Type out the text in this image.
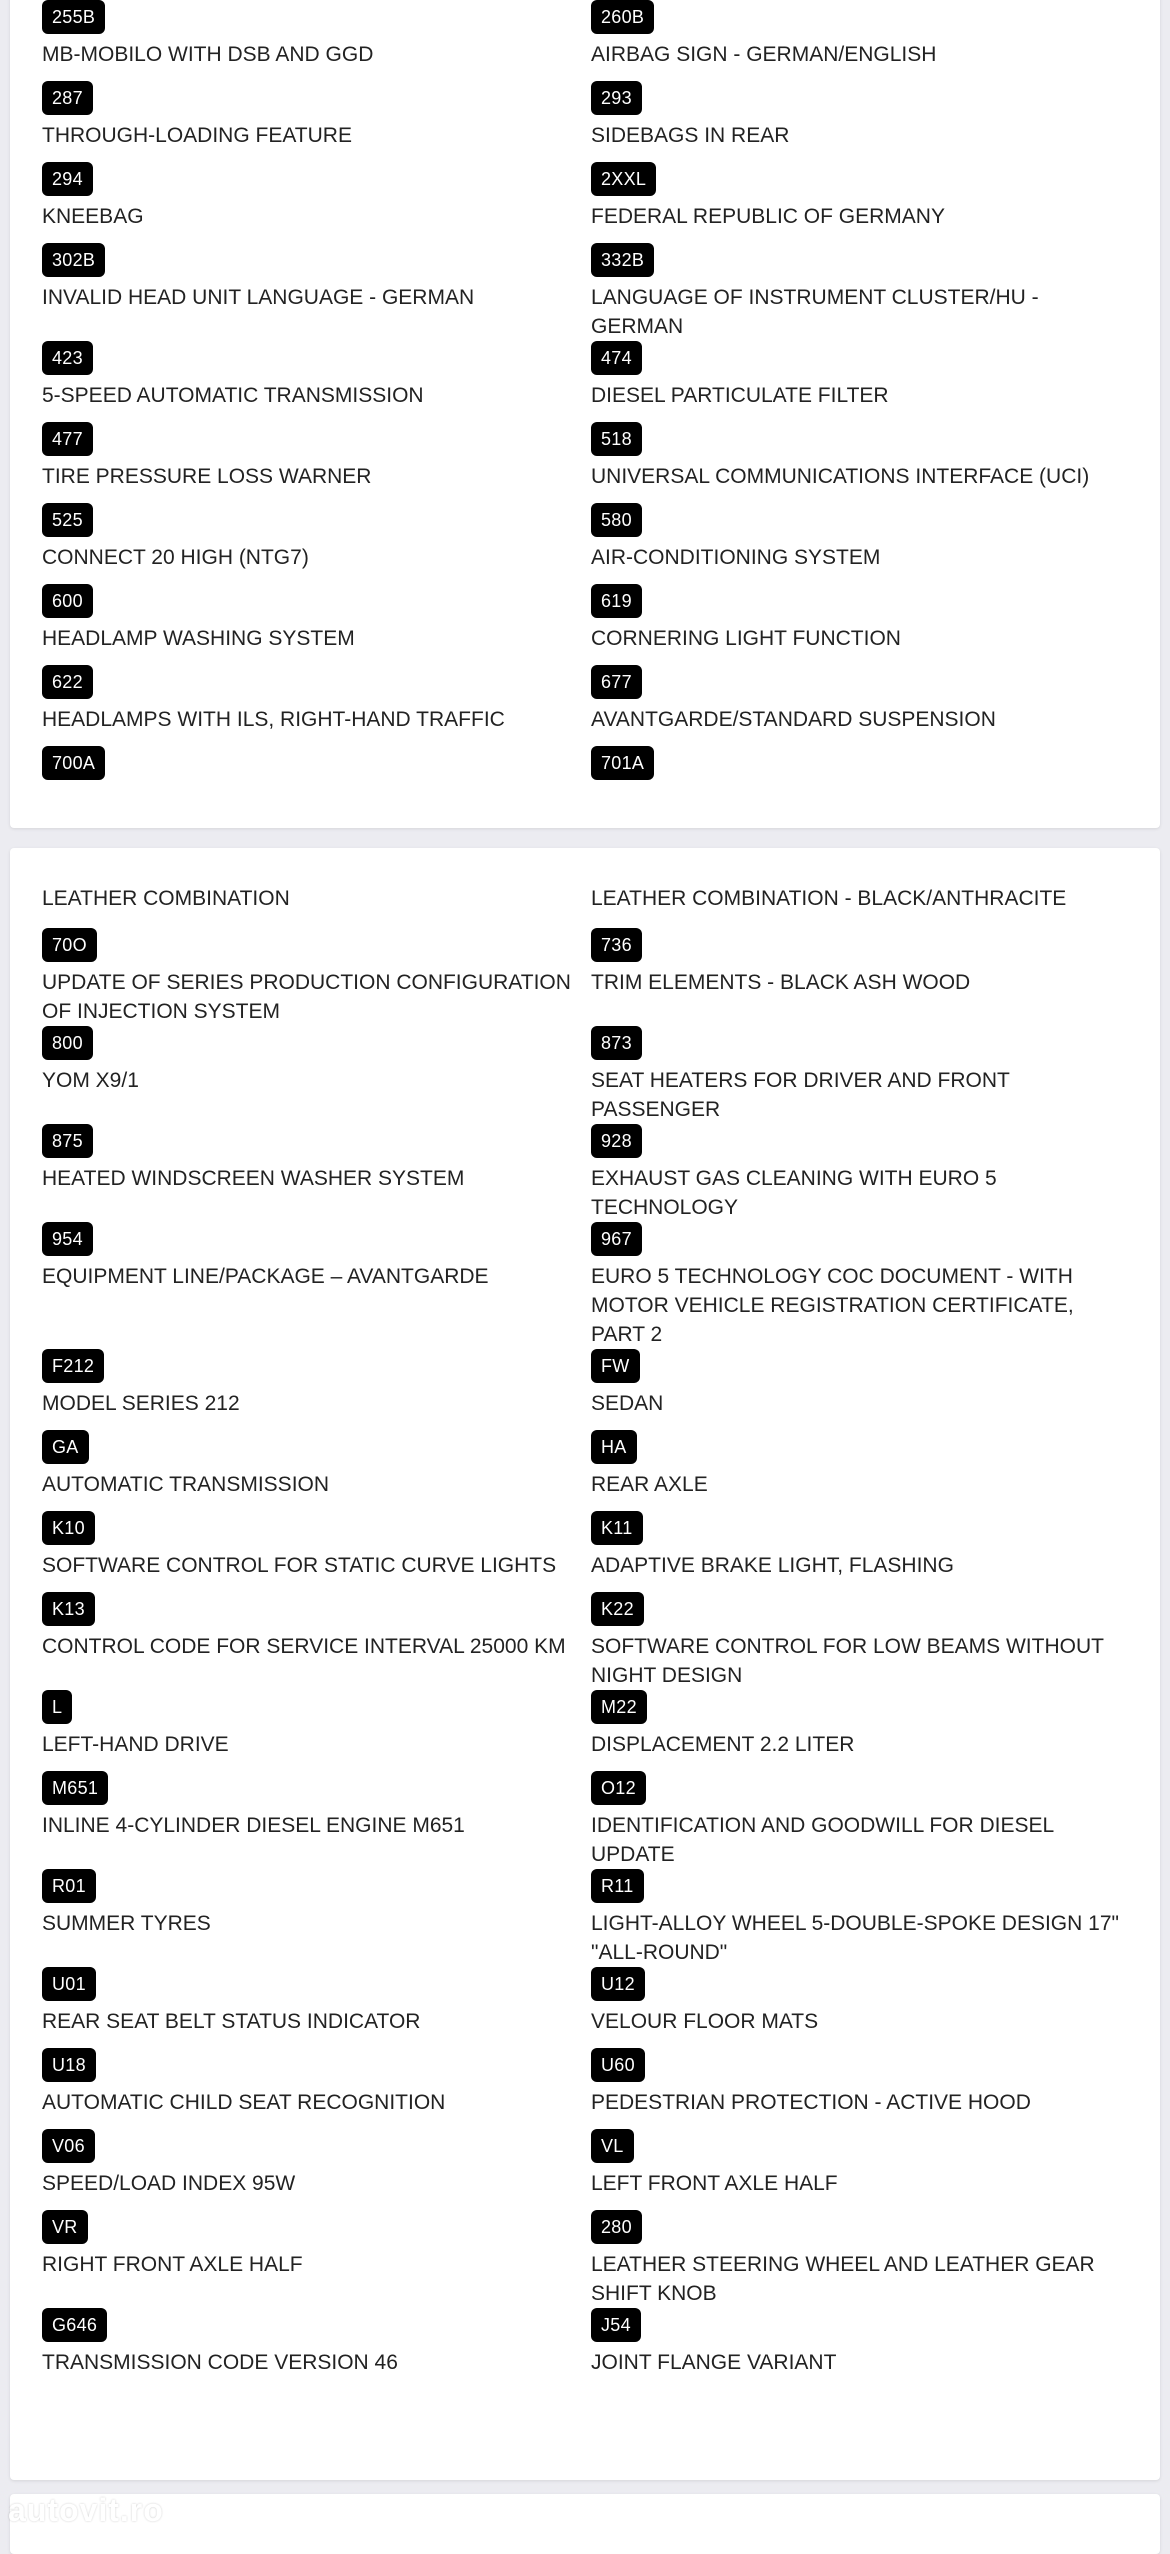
255B
MB-MOBILO WITH DSB AND GGD
260B
AIRBAG SIGN - GERMAN/ENGLISH
287
THROUGH-LOADING FEATURE
293
SIDEBAGS IN REAR
294
KNEEBAG
2XXL
FEDERAL REPUBLIC OF GERMANY
302B
INVALID HEAD UNIT LANGUAGE - GERMAN
332B
LANGUAGE OF INSTRUMENT CLUSTER/HU - GERMAN
423
5-SPEED AUTOMATIC TRANSMISSION
474
DIESEL PARTICULATE FILTER
477
TIRE PRESSURE LOSS WARNER
518
UNIVERSAL COMMUNICATIONS INTERFACE (UCI)
525
CONNECT 20 HIGH (NTG7)
580
AIR-CONDITIONING SYSTEM
600
HEADLAMP WASHING SYSTEM
619
CORNERING LIGHT FUNCTION
622
HEADLAMPS WITH ILS, RIGHT-HAND TRAFFIC
677
AVANTGARDE/STANDARD SUSPENSION
700A	701A
LEATHER COMBINATION	LEATHER COMBINATION - BLACK/ANTHRACITE
70O
UPDATE OF SERIES PRODUCTION CONFIGURATION OF INJECTION SYSTEM
736
TRIM ELEMENTS - BLACK ASH WOOD
800
YOM X9/1
873
SEAT HEATERS FOR DRIVER AND FRONT PASSENGER
875
HEATED WINDSCREEN WASHER SYSTEM
928
EXHAUST GAS CLEANING WITH EURO 5 TECHNOLOGY
954
EQUIPMENT LINE/PACKAGE – AVANTGARDE
967
EURO 5 TECHNOLOGY COC DOCUMENT - WITH MOTOR VEHICLE REGISTRATION CERTIFICATE, PART 2
F212
MODEL SERIES 212
FW
SEDAN
GA
AUTOMATIC TRANSMISSION
HA
REAR AXLE
K10
SOFTWARE CONTROL FOR STATIC CURVE LIGHTS
K11
ADAPTIVE BRAKE LIGHT, FLASHING
K13
CONTROL CODE FOR SERVICE INTERVAL 25000 KM
K22
SOFTWARE CONTROL FOR LOW BEAMS WITHOUT NIGHT DESIGN
L
LEFT-HAND DRIVE
M22
DISPLACEMENT 2.2 LITER
M651
INLINE 4-CYLINDER DIESEL ENGINE M651
O12
IDENTIFICATION AND GOODWILL FOR DIESEL UPDATE
R01
SUMMER TYRES
R11
LIGHT-ALLOY WHEEL 5-DOUBLE-SPOKE DESIGN 17" "ALL-ROUND"
U01
REAR SEAT BELT STATUS INDICATOR
U12
VELOUR FLOOR MATS
U18
AUTOMATIC CHILD SEAT RECOGNITION
U60
PEDESTRIAN PROTECTION - ACTIVE HOOD
V06
SPEED/LOAD INDEX 95W
VL
LEFT FRONT AXLE HALF
VR
RIGHT FRONT AXLE HALF
280
LEATHER STEERING WHEEL AND LEATHER GEAR SHIFT KNOB
G646
TRANSMISSION CODE VERSION 46
J54
JOINT FLANGE VARIANT
autovit.ro
